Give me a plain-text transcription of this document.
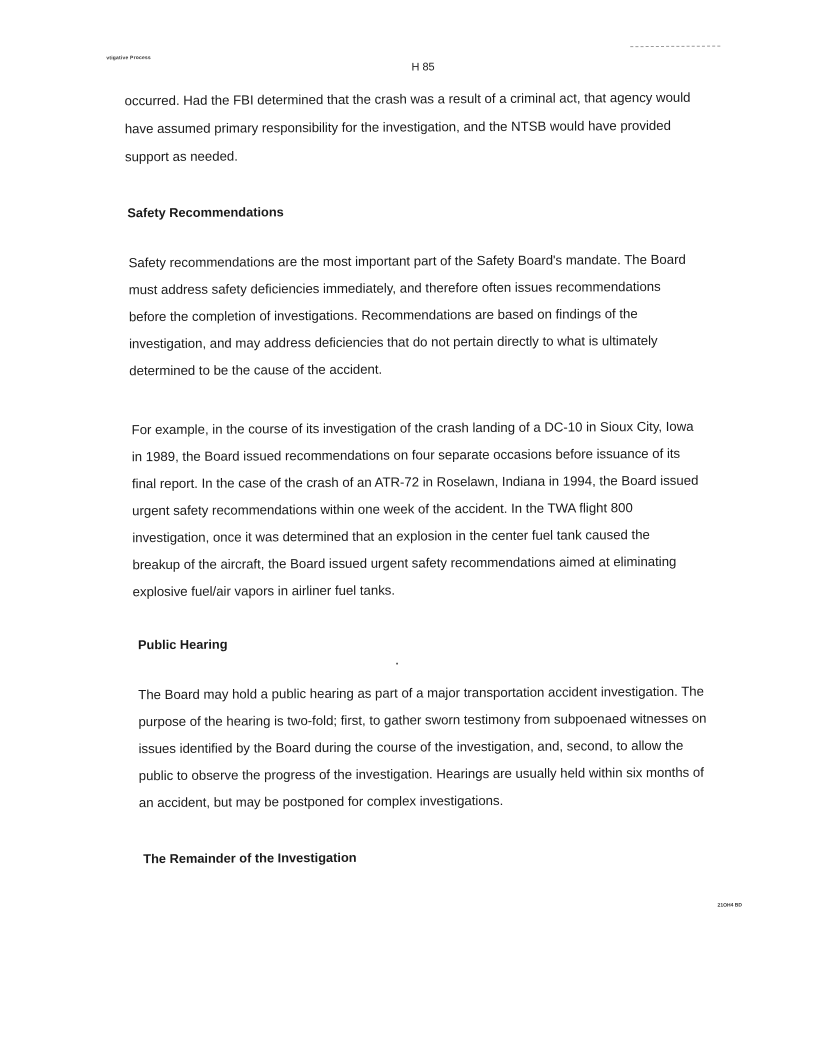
vtigative Process
H 85
occurred. Had the FBI determined that the crash was a result of a criminal act, that agency would
have assumed primary responsibility for the investigation, and the NTSB would have provided
support as needed.
Safety Recommendations
Safety recommendations are the most important part of the Safety Board's mandate. The Board
must address safety deficiencies immediately, and therefore often issues recommendations
before the completion of investigations. Recommendations are based on findings of the
investigation, and may address deficiencies that do not pertain directly to what is ultimately
determined to be the cause of the accident.
For example, in the course of its investigation of the crash landing of a DC-10 in Sioux City, Iowa
in 1989, the Board issued recommendations on four separate occasions before issuance of its
final report. In the case of the crash of an ATR-72 in Roselawn, Indiana in 1994, the Board issued
urgent safety recommendations within one week of the accident. In the TWA flight 800
investigation, once it was determined that an explosion in the center fuel tank caused the
breakup of the aircraft, the Board issued urgent safety recommendations aimed at eliminating
explosive fuel/air vapors in airliner fuel tanks.
Public Hearing
The Board may hold a public hearing as part of a major transportation accident investigation. The
purpose of the hearing is two-fold; first, to gather sworn testimony from subpoenaed witnesses on
issues identified by the Board during the course of the investigation, and, second, to allow the
public to observe the progress of the investigation. Hearings are usually held within six months of
an accident, but may be postponed for complex investigations.
The Remainder of the Investigation
21OH4 BD
